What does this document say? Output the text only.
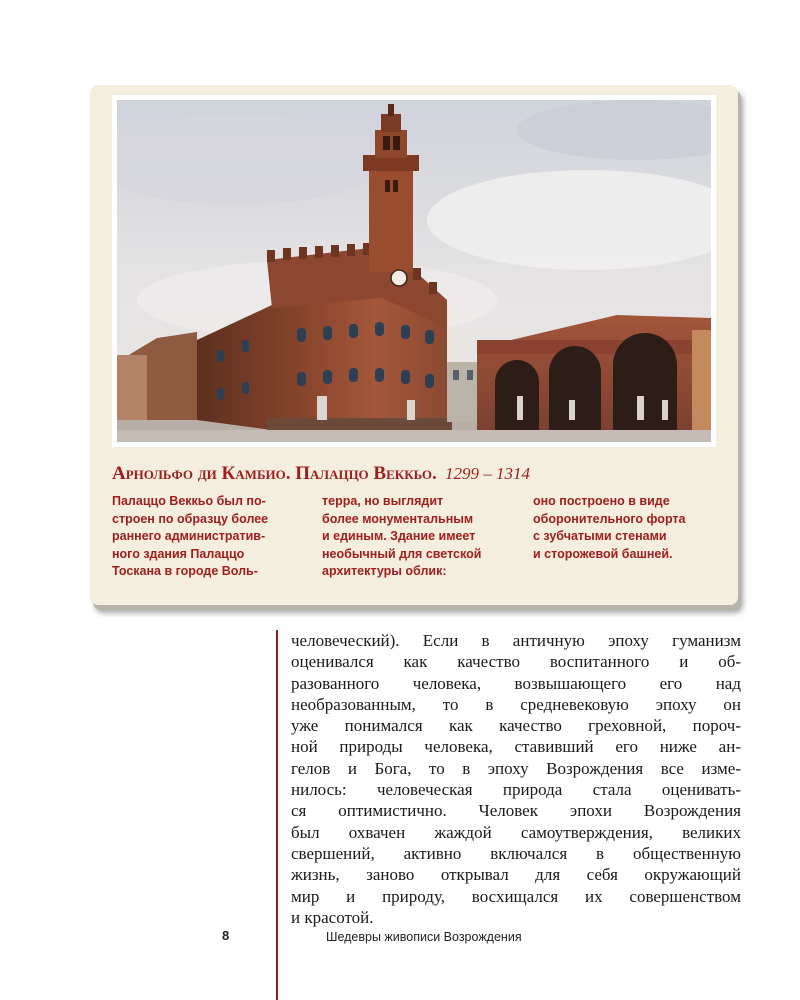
Арнольфо ди Камбио. Палаццо Веккьо. 1299 – 1314
Палаццо Веккьо был по-
строен по образцу более
раннего административ-
ного здания Палаццо
Тоскана в городе Воль-
терра, но выглядит
более монументальным
и единым. Здание имеет
необычный для светской
архитектуры облик:
оно построено в виде
оборонительного форта
с зубчатыми стенами
и сторожевой башней.
человеческий). Если в античную эпоху гуманизм
оценивался как качество воспитанного и об-
разованного человека, возвышающего его над
необразованным, то в средневековую эпоху он
уже понимался как качество греховной, пороч-
ной природы человека, ставивший его ниже ан-
гелов и Бога, то в эпоху Возрождения все изме-
нилось: человеческая природа стала оценивать-
ся оптимистично. Человек эпохи Возрождения
был охвачен жаждой самоутверждения, великих
свершений, активно включался в общественную
жизнь, заново открывал для себя окружающий
мир и природу, восхищался их совершенством
и красотой.
8	Шедевры живописи Возрождения
